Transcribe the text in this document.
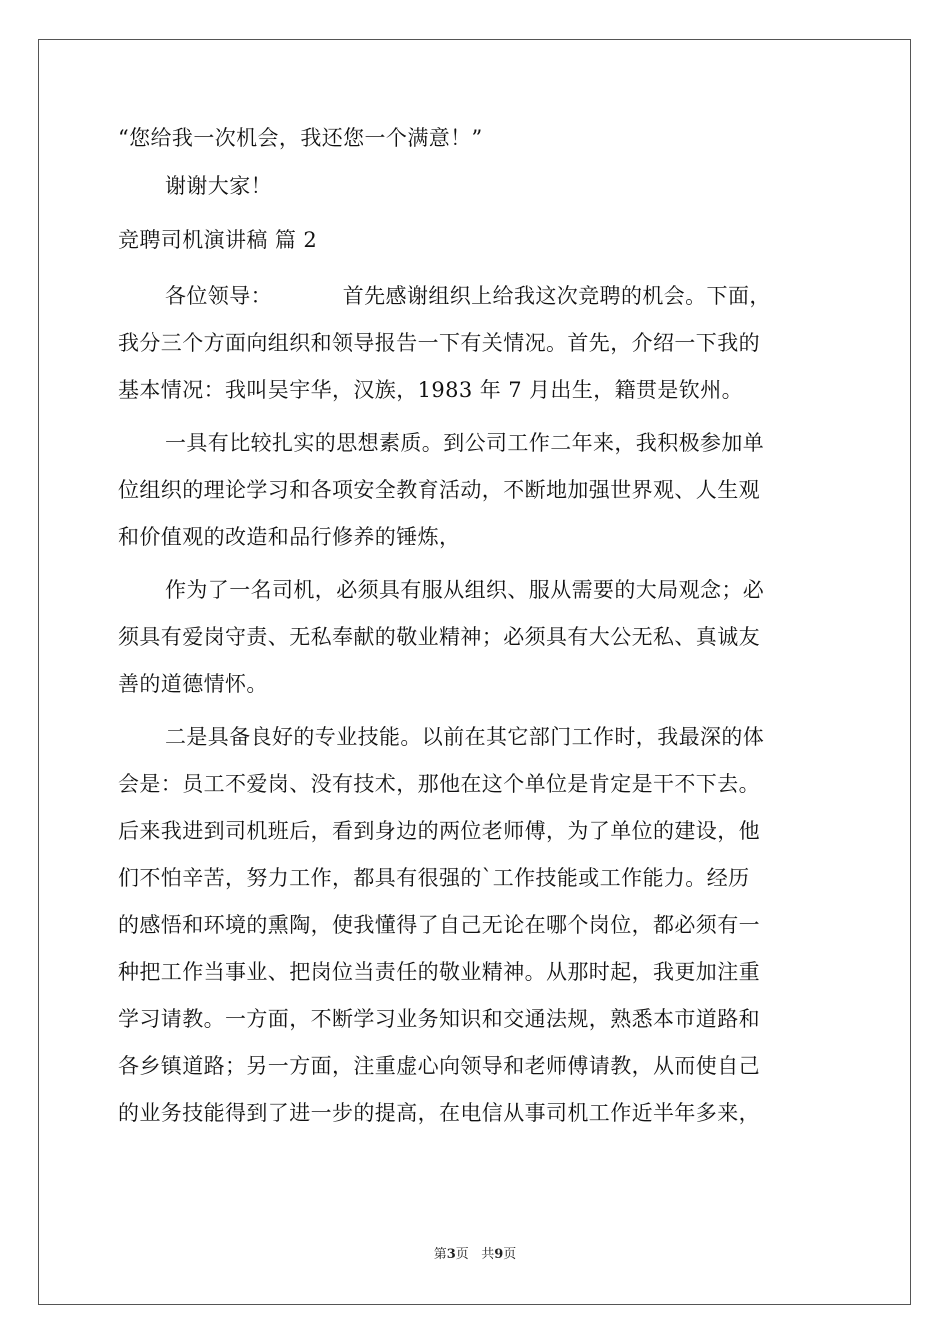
“您给我一次机会，我还您一个满意！”
谢谢大家！
竞聘司机演讲稿 篇 2
各位领导：          首先感谢组织上给我这次竞聘的机会。下面，
我分三个方面向组织和领导报告一下有关情况。首先，介绍一下我的
基本情况：我叫吴宇华，汉族，1983 年 7 月出生，籍贯是钦州。
一具有比较扎实的思想素质。到公司工作二年来，我积极参加单
位组织的理论学习和各项安全教育活动，不断地加强世界观、人生观
和价值观的改造和品行修养的锤炼，
作为了一名司机，必须具有服从组织、服从需要的大局观念；必
须具有爱岗守责、无私奉献的敬业精神；必须具有大公无私、真诚友
善的道德情怀。
二是具备良好的专业技能。以前在其它部门工作时，我最深的体
会是：员工不爱岗、没有技术，那他在这个单位是肯定是干不下去。
后来我进到司机班后，看到身边的两位老师傅，为了单位的建设，他
们不怕辛苦，努力工作，都具有很强的`工作技能或工作能力。经历
的感悟和环境的熏陶，使我懂得了自己无论在哪个岗位，都必须有一
种把工作当事业、把岗位当责任的敬业精神。从那时起，我更加注重
学习请教。一方面，不断学习业务知识和交通法规，熟悉本市道路和
各乡镇道路；另一方面，注重虚心向领导和老师傅请教，从而使自己
的业务技能得到了进一步的提高，在电信从事司机工作近半年多来，
第3页 共9页
